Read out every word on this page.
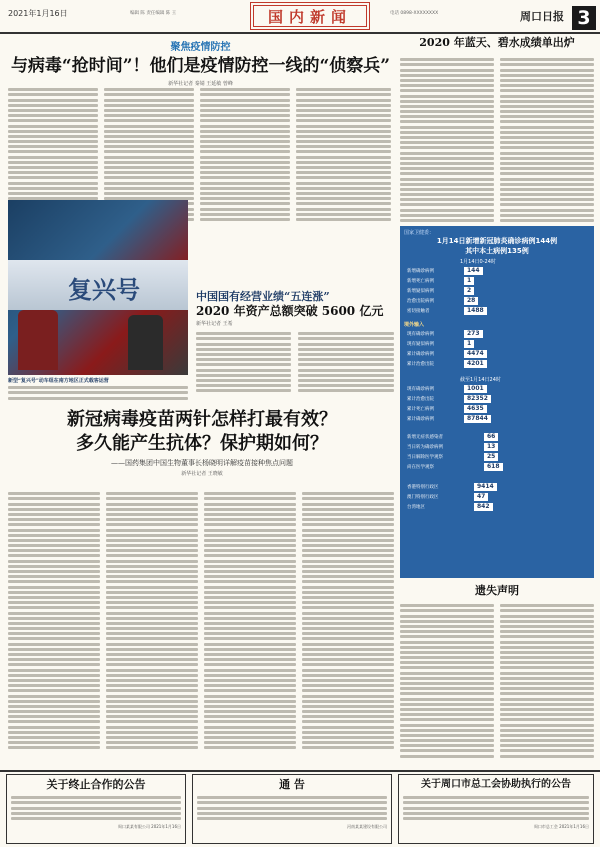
2021年1月16日	编辑 陈 责任编辑 陈 王	国内新闻	电话 0898-XXXXXXXX	周口日报 3
聚焦疫情防控
与病毒“抢时间”！他们是疫情防控一线的“侦察兵”
新华社记者 秦婧 王延敏 曾峰
复兴号
新型“复兴号”动车组在南方地区正式载客运营
中国国有经营业绩“五连涨”
2020 年资产总额突破 5600 亿元
新华社记者 王希
2020 年蓝天、碧水成绩单出炉
国家卫健委：
1月14日新增新冠肺炎确诊病例144例
其中本土病例135例
1月14日0-24时
新增确诊病例	144
新增死亡病例	1
新增疑似病例	2
治愈出院病例	28
密切接触者	1488
境外输入
现有确诊病例	273
现有疑似病例	1
累计确诊病例	4474
累计治愈出院	4201
截至1月14日24时
现有确诊病例	1001
累计治愈出院	82352
累计死亡病例	4635
累计确诊病例	87844
新增无症状感染者	66
当日转为确诊病例	13
当日解除医学观察	25
尚在医学观察	618
香港特别行政区	9414
澳门特别行政区	47
台湾地区	842
新冠病毒疫苗两针怎样打最有效？
多久能产生抗体？保护期如何？
——国药集团中国生物董事长杨晓明详解疫苗接种焦点问题
新华社记者 王晓敏
遗失声明
关于终止合作的公告
周口某某有限公司 2021年1月16日
通 告
河南某某建设有限公司
关于周口市总工会协助执行的公告
周口市总工会 2021年1月16日
